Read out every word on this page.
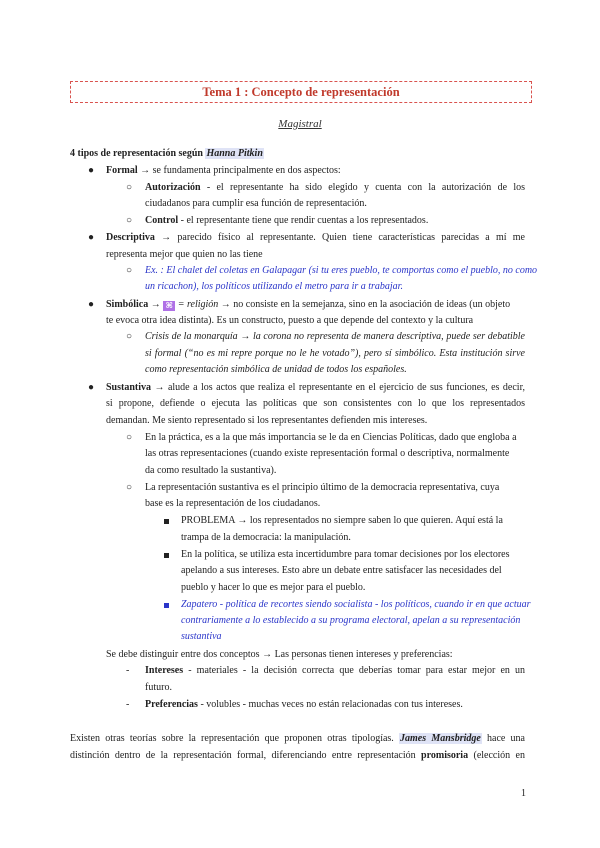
Tema 1 : Concepto de representación
Magistral
4 tipos de representación según Hanna Pitkin
● Formal → se fundamenta principalmente en dos aspectos:
○ Autorización - el representante ha sido elegido y cuenta con la autorización de los
ciudadanos para cumplir esa función de representación.
○ Control - el representante tiene que rendir cuentas a los representados.
● Descriptiva → parecido físico al representante. Quien tiene características parecidas a mí me
representa mejor que quien no las tiene
○ Ex. : El chalet del coletas en Galapagar (si tu eres pueblo, te comportas como el pueblo, no como
un ricachon), los políticos utilizando el metro para ir a trabajar.
● Simbólica → ⌘ = religión → no consiste en la semejanza, sino en la asociación de ideas (un objeto
te evoca otra idea distinta). Es un constructo, puesto a que depende del contexto y la cultura
○ Crisis de la monarquía → la corona no representa de manera descriptiva, puede ser debatible
si formal (“no es mi repre porque no le he votado”), pero sí simbólico. Esta institución sirve
como representación simbólica de unidad de todos los españoles.
● Sustantiva → alude a los actos que realiza el representante en el ejercicio de sus funciones, es decir,
si propone, defiende o ejecuta las políticas que son consistentes con lo que los representados
demandan. Me siento representado si los representantes defienden mis intereses.
○ En la práctica, es a la que más importancia se le da en Ciencias Políticas, dado que engloba a
las otras representaciones (cuando existe representación formal o descriptiva, normalmente
da como resultado la sustantiva).
○ La representación sustantiva es el principio último de la democracia representativa, cuya
base es la representación de los ciudadanos.
PROBLEMA → los representados no siempre saben lo que quieren. Aquí está la
trampa de la democracia: la manipulación.
En la política, se utiliza esta incertidumbre para tomar decisiones por los electores
apelando a sus intereses. Esto abre un debate entre satisfacer las necesidades del
pueblo y hacer lo que es mejor para el pueblo.
Zapatero - política de recortes siendo socialista - los políticos, cuando ir en que actuar
contrariamente a lo establecido a su programa electoral, apelan a su representación
sustantiva
Se debe distinguir entre dos conceptos → Las personas tienen intereses y preferencias:
- Intereses - materiales - la decisión correcta que deberías tomar para estar mejor en un
futuro.
- Preferencias - volubles - muchas veces no están relacionadas con tus intereses.
Existen otras teorías sobre la representación que proponen otras tipologías. James Mansbridge hace una
distinción dentro de la representación formal, diferenciando entre representación promisoria (elección en
1
